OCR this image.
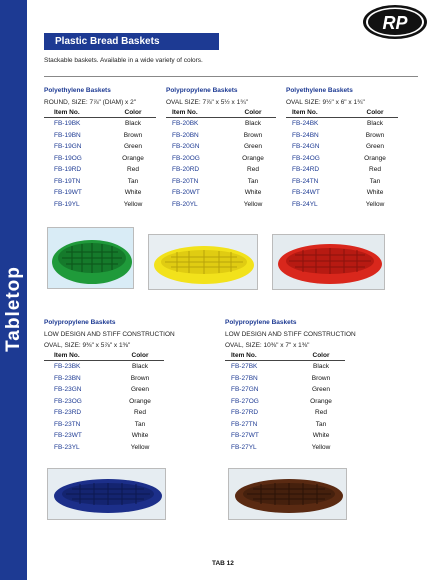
Tabletop
RP
Plastic Bread Baskets
Stackable baskets. Available in a wide variety of colors.
Polyethylene Baskets
ROUND, SIZE: 7⅞" (DIAM) x 2"
Item No.	Color
FB-19BK	Black
FB-19BN	Brown
FB-19GN	Green
FB-19OG	Orange
FB-19RD	Red
FB-19TN	Tan
FB-19WT	White
FB-19YL	Yellow
Polypropylene Baskets
OVAL SIZE: 7⅞" x 5½ x 1¾"
Item No.	Color
FB-20BK	Black
FB-20BN	Brown
FB-20GN	Green
FB-20OG	Orange
FB-20RD	Red
FB-20TN	Tan
FB-20WT	White
FB-20YL	Yellow
Polyethylene Baskets
OVAL SIZE: 9½" x 6" x 1¾"
Item No.	Color
FB-24BK	Black
FB-24BN	Brown
FB-24GN	Green
FB-24OG	Orange
FB-24RD	Red
FB-24TN	Tan
FB-24WT	White
FB-24YL	Yellow
Polypropylene Baskets
LOW DESIGN AND STIFF CONSTRUCTION
OVAL, SIZE: 9⅜" x 5⅞" x 1⅜"
Item No.	Color
FB-23BK	Black
FB-23BN	Brown
FB-23GN	Green
FB-23OG	Orange
FB-23RD	Red
FB-23TN	Tan
FB-23WT	White
FB-23YL	Yellow
Polypropylene Baskets
LOW DESIGN AND STIFF CONSTRUCTION
OVAL, SIZE: 10⅜" x 7" x 1⅜"
Item No.	Color
FB-27BK	Black
FB-27BN	Brown
FB-27GN	Green
FB-27OG	Orange
FB-27RD	Red
FB-27TN	Tan
FB-27WT	White
FB-27YL	Yellow
TAB 12
